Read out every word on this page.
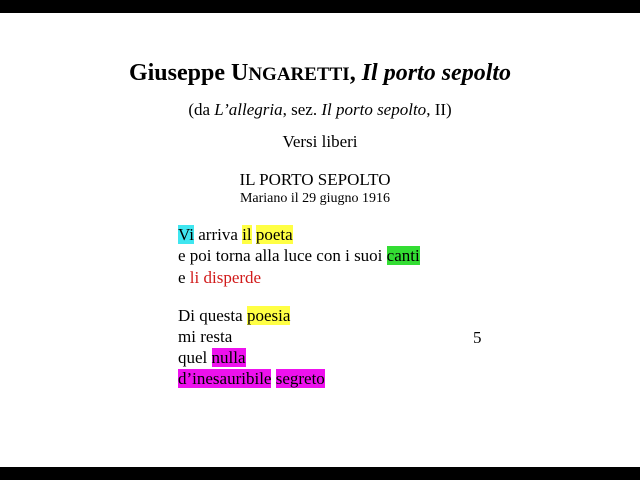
Giuseppe UNGARETTI, Il porto sepolto
(da L’allegria, sez. Il porto sepolto, II)
Versi liberi
IL PORTO SEPOLTO
Mariano il 29 giugno 1916
Vi arriva il poeta
e poi torna alla luce con i suoi canti
e li disperde
Di questa poesia
mi resta
quel nulla
d’inesauribile segreto
5
